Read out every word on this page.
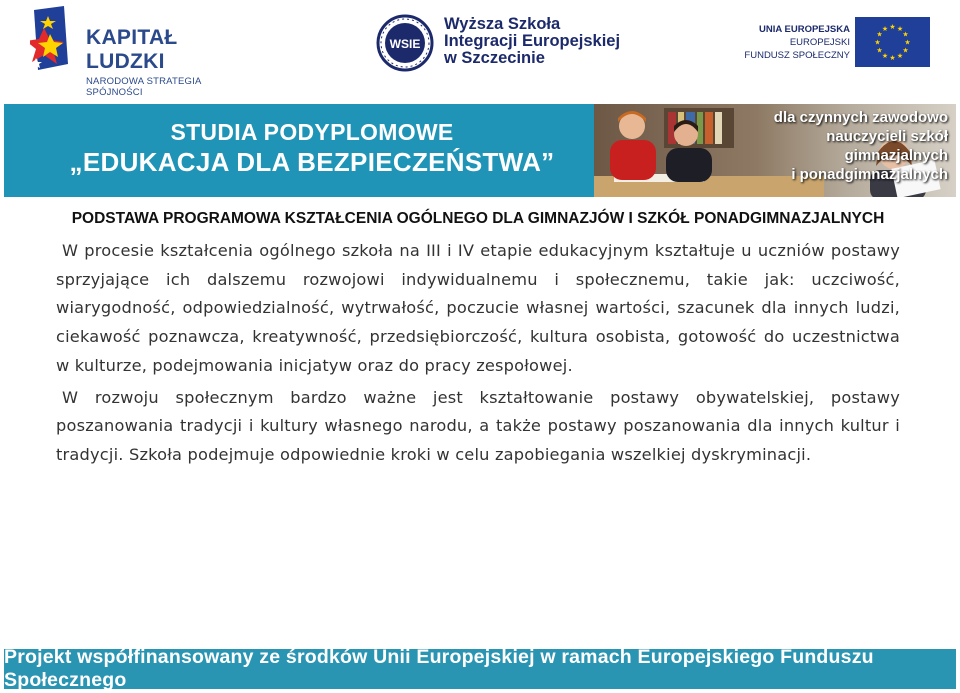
KAPITAŁ LUDZKI
NARODOWA STRATEGIA SPÓJNOŚCI
WSIE
Wyższa Szkoła
Integracji Europejskiej
w Szczecinie
UNIA EUROPEJSKA
EUROPEJSKI
FUNDUSZ SPOŁECZNY
★ ★
★
★
★
★
★
★
★
★
★
★
STUDIA PODYPLOMOWE
„EDUKACJA DLA BEZPIECZEŃSTWA”
dla czynnych zawodowo
nauczycieli szkół
gimnazjalnych
i ponadgimnazjalnych
PODSTAWA PROGRAMOWA KSZTAŁCENIA OGÓLNEGO DLA GIMNAZJÓW I SZKÓŁ PONADGIMNAZJALNYCH

W procesie kształcenia ogólnego szkoła na III i IV etapie edukacyjnym kształtuje u uczniów postawy sprzyjające ich dalszemu rozwojowi indywidualnemu i społecznemu, takie jak: uczciwość, wiarygodność, odpowiedzialność, wytrwałość, poczucie własnej wartości, szacunek dla innych ludzi, ciekawość poznawcza, kreatywność, przedsiębiorczość, kultura osobista, gotowość do uczestnictwa w kulturze, podejmowania inicjatyw oraz do pracy zespołowej.

W rozwoju społecznym bardzo ważne jest kształtowanie postawy obywatelskiej, postawy poszanowania tradycji i kultury własnego narodu, a także postawy poszanowania dla innych kultur i tradycji. Szkoła podejmuje odpowiednie kroki w celu zapobiegania wszelkiej dyskryminacji.

Projekt współfinansowany ze środków Unii Europejskiej w ramach Europejskiego Funduszu Społecznego
